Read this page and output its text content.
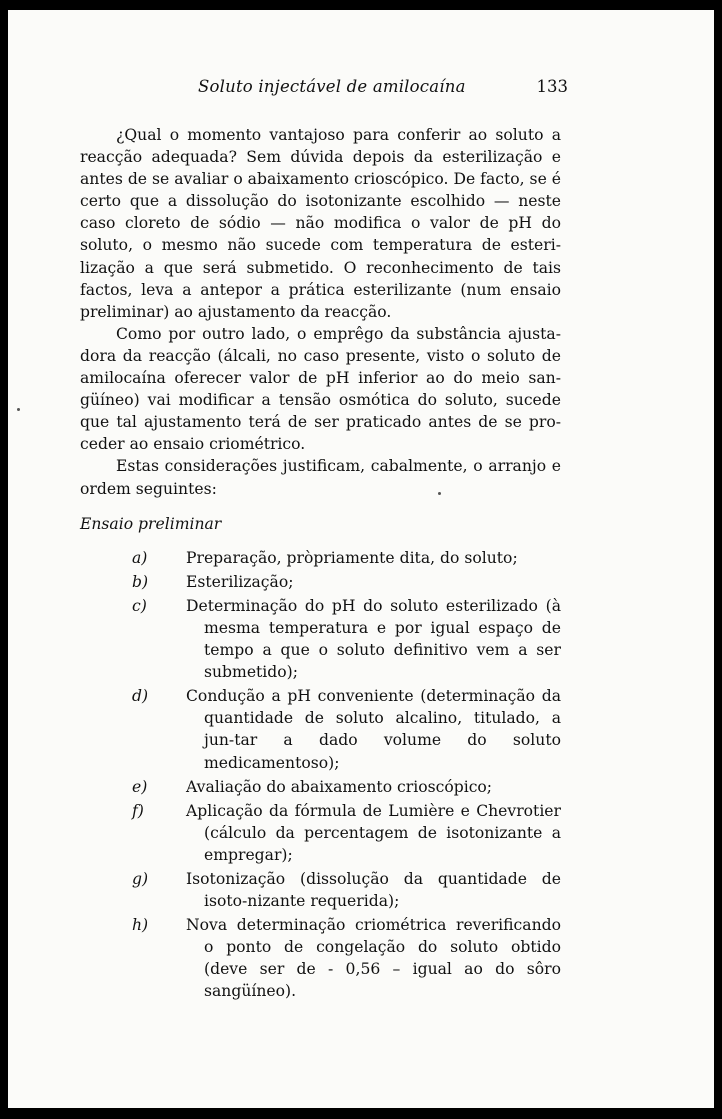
Soluto injectável de amilocaína	133

¿Qual o momento vantajoso para conferir ao soluto a reacção adequada? Sem dúvida depois da esterilização e antes de se avaliar o abaixamento crioscópico. De facto, se é certo que a dissolução do isotonizante escolhido — neste caso cloreto de sódio — não modifica o valor de pH do soluto, o mesmo não sucede com temperatura de esteri-lização a que será submetido. O reconhecimento de tais factos, leva a antepor a prática esterilizante (num ensaio preliminar) ao ajustamento da reacção.

Como por outro lado, o emprêgo da substância ajusta-dora da reacção (álcali, no caso presente, visto o soluto de amilocaína oferecer valor de pH inferior ao do meio san-güíneo) vai modificar a tensão osmótica do soluto, sucede que tal ajustamento terá de ser praticado antes de se pro-ceder ao ensaio criométrico.

Estas considerações justificam, cabalmente, o arranjo e ordem seguintes:

Ensaio preliminar
a) Preparação, pròpriamente dita, do soluto;
b) Esterilização;
c)	Determinação do pH do soluto esterilizado (à mesma temperatura e por igual espaço de tempo a que o soluto definitivo vem a ser submetido);
d) Condução a pH conveniente (determinação da quantidade de soluto alcalino, titulado, a jun-tar a dado volume do soluto medicamentoso);
e) Avaliação do abaixamento crioscópico;
f)	Aplicação da fórmula de Lumière e Chevrotier (cálculo da percentagem de isotonizante a empregar);
g) Isotonização (dissolução da quantidade de isoto-nizante requerida);
h) Nova determinação criométrica reverificando o ponto de congelação do soluto obtido (deve ser de - 0,56 – igual ao do sôro sangüíneo).
